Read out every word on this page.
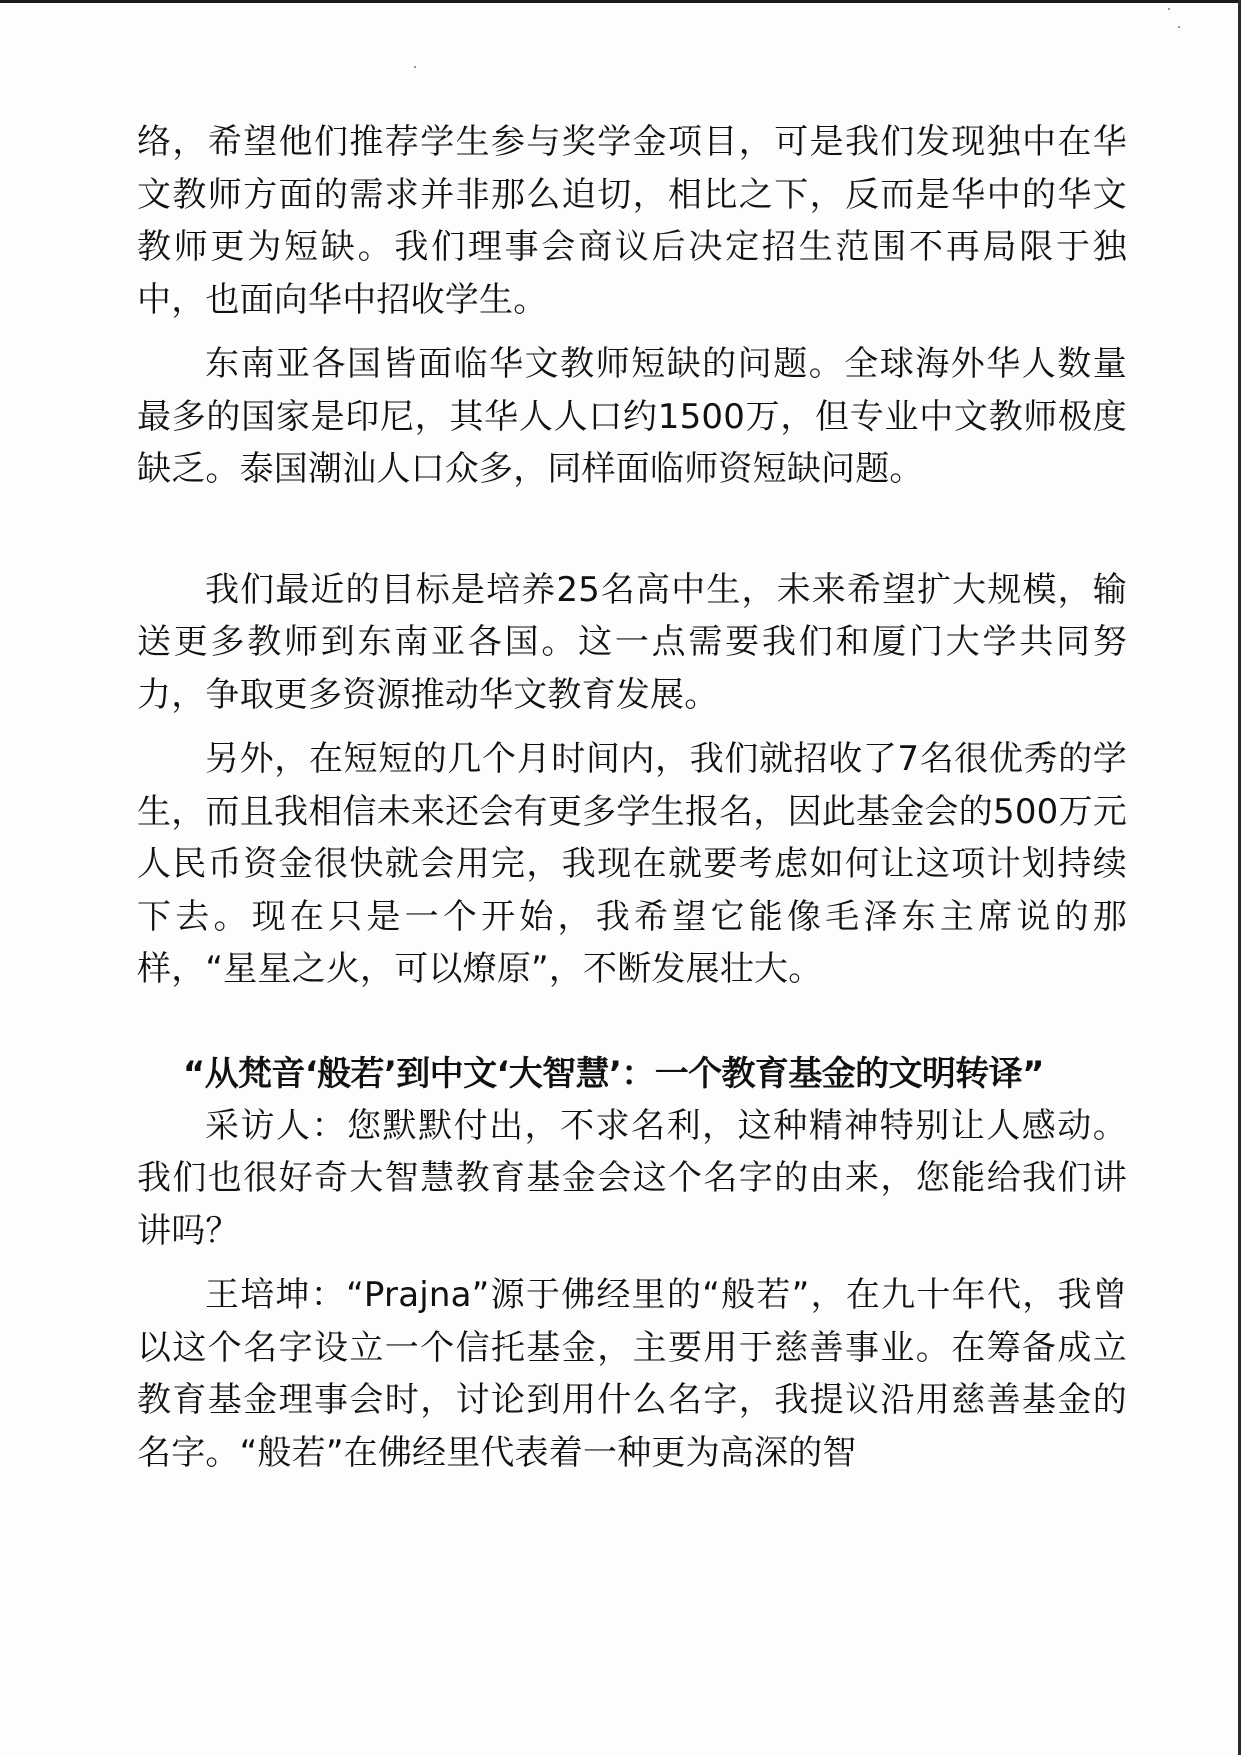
络，希望他们推荐学生参与奖学金项目，可是我们发现独中在华文教师方面的需求并非那么迫切，相比之下，反而是华中的华文教师更为短缺。我们理事会商议后决定招生范围不再局限于独中，也面向华中招收学生。

东南亚各国皆面临华文教师短缺的问题。全球海外华人数量最多的国家是印尼，其华人人口约1500万，但专业中文教师极度缺乏。泰国潮汕人口众多，同样面临师资短缺问题。

我们最近的目标是培养25名高中生，未来希望扩大规模，输送更多教师到东南亚各国。这一点需要我们和厦门大学共同努力，争取更多资源推动华文教育发展。

另外，在短短的几个月时间内，我们就招收了7名很优秀的学生，而且我相信未来还会有更多学生报名，因此基金会的500万元人民币资金很快就会用完，我现在就要考虑如何让这项计划持续下去。现在只是一个开始，我希望它能像毛泽东主席说的那样，“星星之火，可以燎原”，不断发展壮大。

“从梵音‘般若’到中文‘大智慧’：一个教育基金的文明转译”

采访人：您默默付出，不求名利，这种精神特别让人感动。我们也很好奇大智慧教育基金会这个名字的由来，您能给我们讲讲吗？

王培坤：“Prajna”源于佛经里的“般若”，在九十年代，我曾以这个名字设立一个信托基金，主要用于慈善事业。在筹备成立教育基金理事会时，讨论到用什么名字，我提议沿用慈善基金的名字。“般若”在佛经里代表着一种更为高深的智
